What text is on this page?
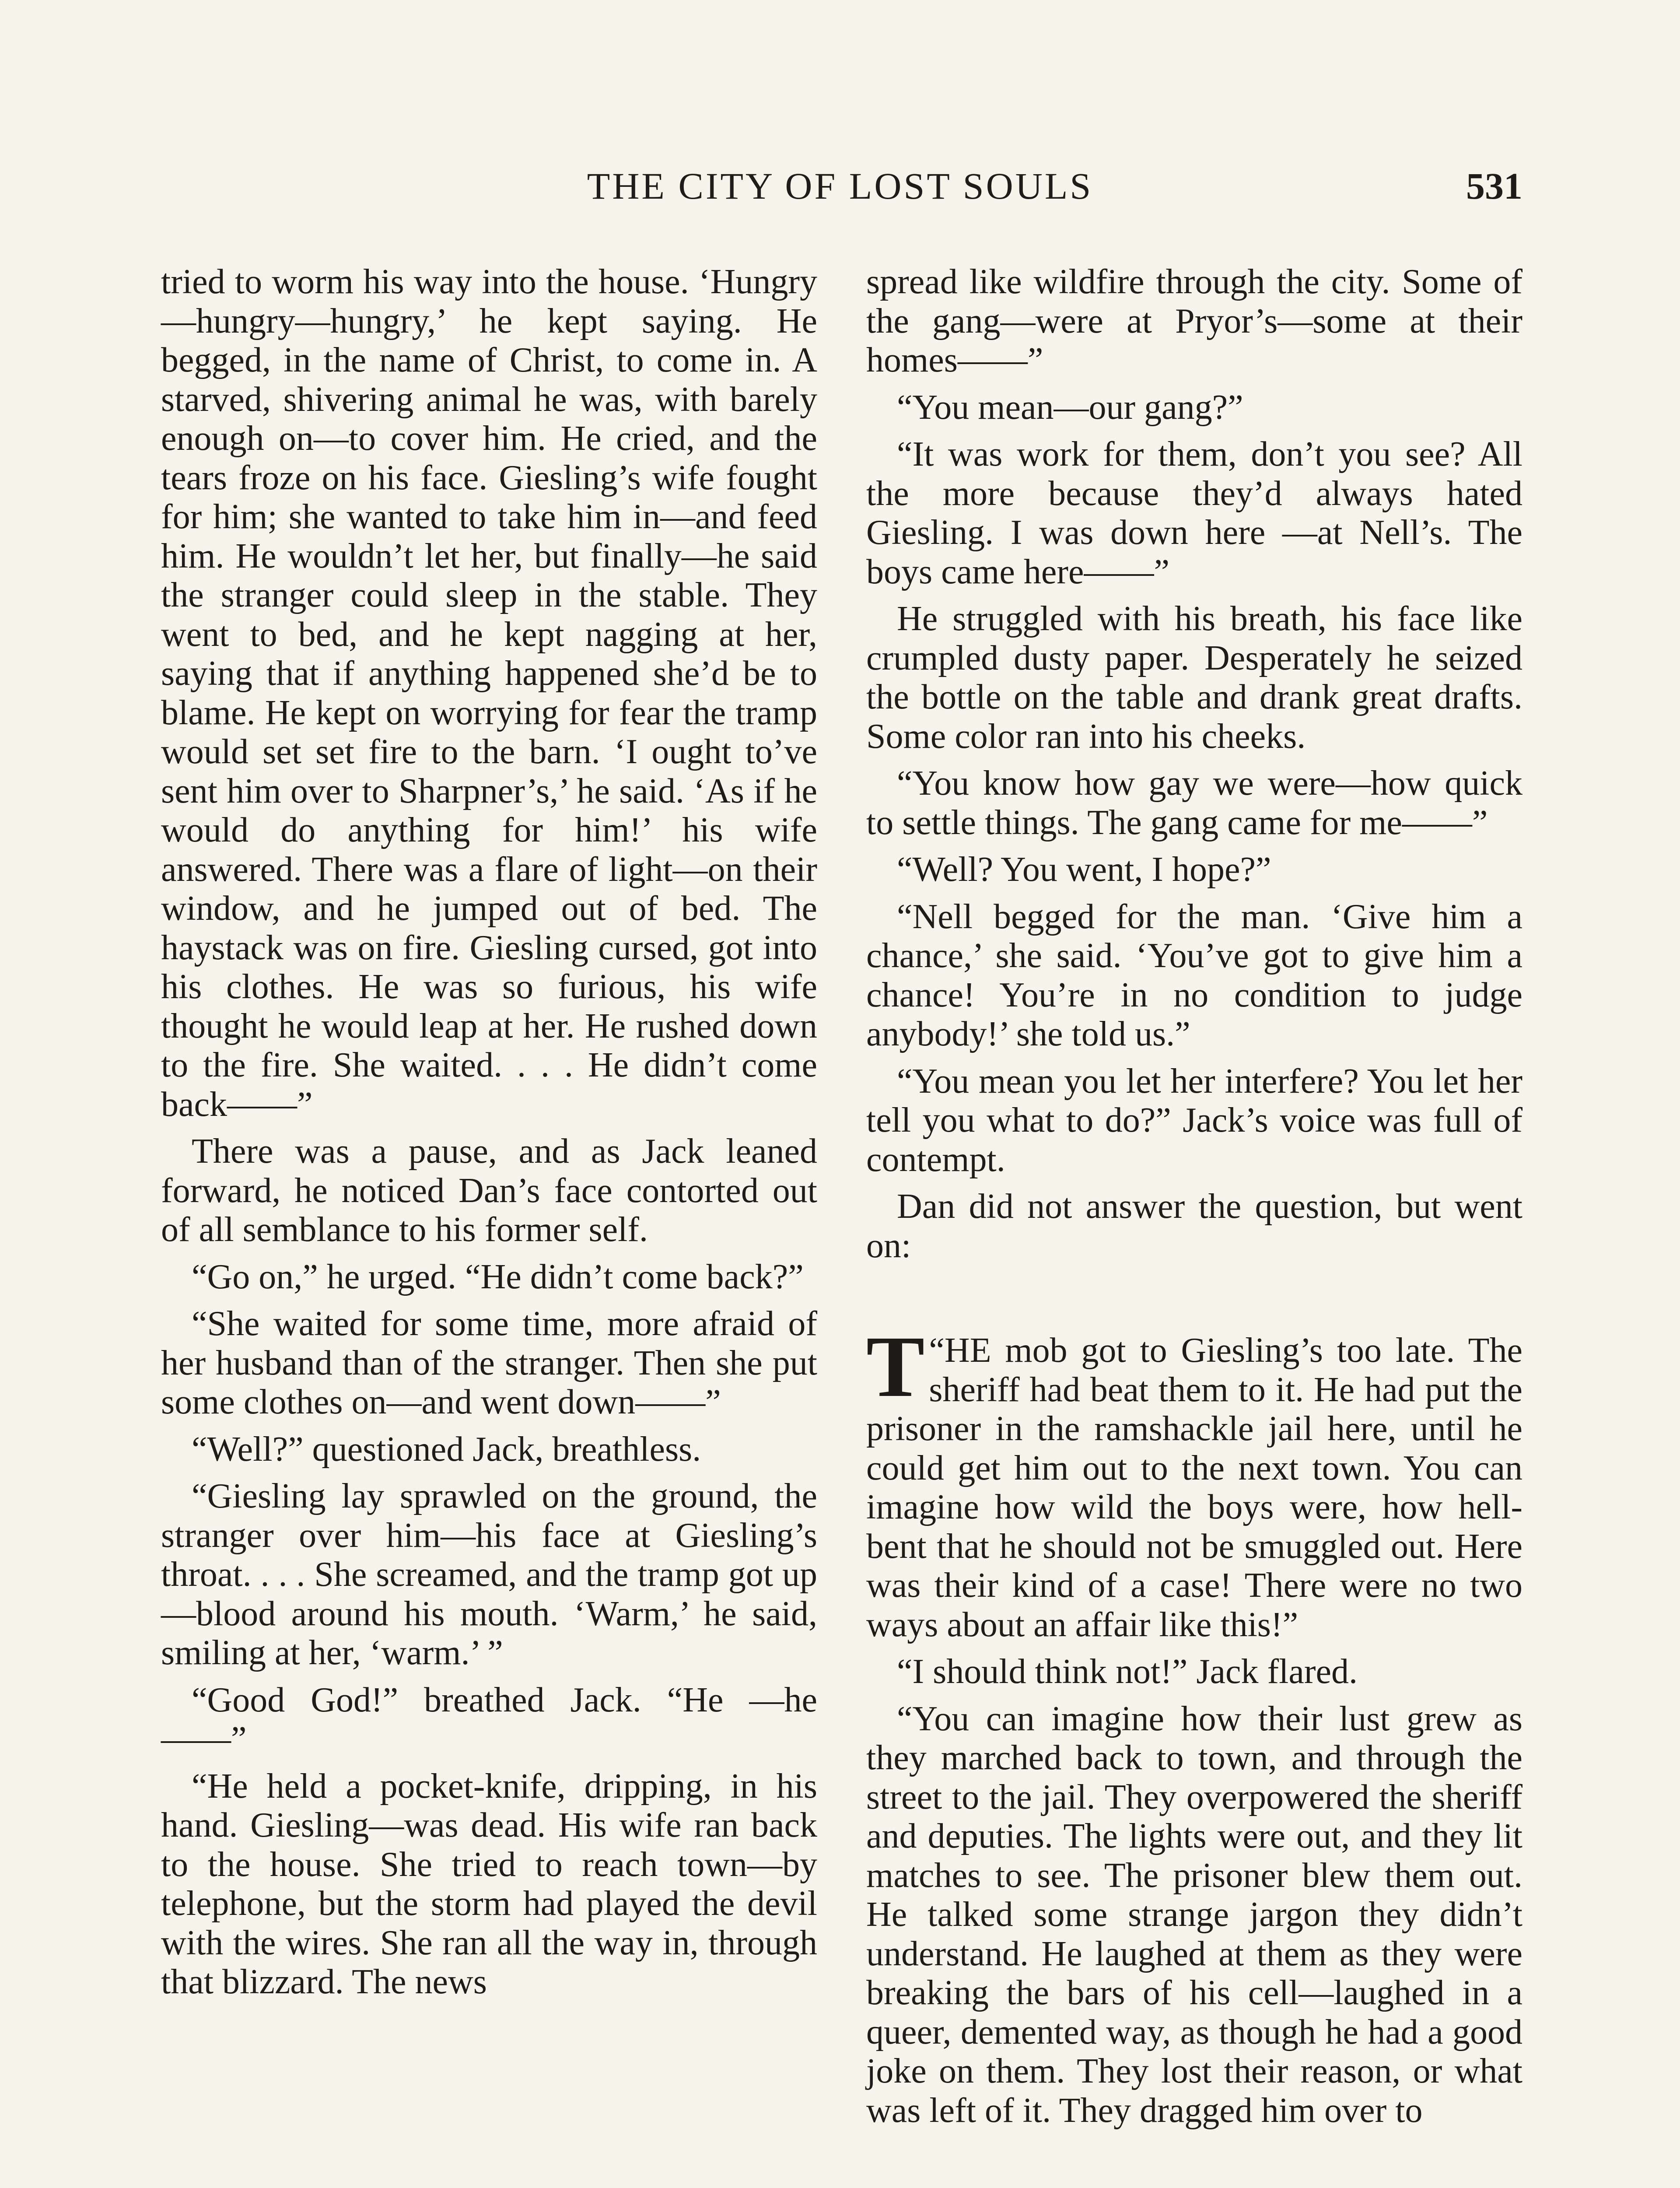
THE CITY OF LOST SOULS	531

tried to worm his way into the house. ‘Hungry—hungry—hungry,’ he kept saying. He begged, in the name of Christ, to come in. A starved, shivering animal he was, with barely enough on—to cover him. He cried, and the tears froze on his face. Giesling’s wife fought for him; she wanted to take him in—and feed him. He wouldn’t let her, but finally—he said the stranger could sleep in the stable. They went to bed, and he kept nagging at her, saying that if anything happened she’d be to blame. He kept on worrying for fear the tramp would set set fire to the barn. ‘I ought to’ve sent him over to Sharpner’s,’ he said. ‘As if he would do anything for him!’ his wife answered. There was a flare of light—on their window, and he jumped out of bed. The haystack was on fire. Giesling cursed, got into his clothes. He was so furious, his wife thought he would leap at her. He rushed down to the fire. She waited. . . . He didn’t come back——”

There was a pause, and as Jack leaned forward, he noticed Dan’s face contorted out of all semblance to his former self.

“Go on,” he urged. “He didn’t come back?”

“She waited for some time, more afraid of her husband than of the stranger. Then she put some clothes on—and went down——”

“Well?” questioned Jack, breathless.

“Giesling lay sprawled on the ground, the stranger over him—his face at Giesling’s throat. . . . She screamed, and the tramp got up—blood around his mouth. ‘Warm,’ he said, smiling at her, ‘warm.’ ”

“Good God!” breathed Jack. “He —he——”

“He held a pocket-knife, dripping, in his hand. Giesling—was dead. His wife ran back to the house. She tried to reach town—by telephone, but the storm had played the devil with the wires. She ran all the way in, through that blizzard. The news

spread like wildfire through the city. Some of the gang—were at Pryor’s—some at their homes——”

“You mean—our gang?”

“It was work for them, don’t you see? All the more because they’d always hated Giesling. I was down here —at Nell’s. The boys came here——”

He struggled with his breath, his face like crumpled dusty paper. Desperately he seized the bottle on the table and drank great drafts. Some color ran into his cheeks.

“You know how gay we were—how quick to settle things. The gang came for me——”

“Well? You went, I hope?”

“Nell begged for the man. ‘Give him a chance,’ she said. ‘You’ve got to give him a chance! You’re in no condition to judge anybody!’ she told us.”

“You mean you let her interfere? You let her tell you what to do?” Jack’s voice was full of contempt.

Dan did not answer the question, but went on:

“
T HE mob got to Giesling’s too late. The sheriff had beat them to it. He had put the prisoner in the ramshackle jail here, until he could get him out to the next town. You can imagine how wild the boys were, how hell-bent that he should not be smuggled out. Here was their kind of a case! There were no two ways about an affair like this!”

“I should think not!” Jack flared.

“You can imagine how their lust grew as they marched back to town, and through the street to the jail. They overpowered the sheriff and deputies. The lights were out, and they lit matches to see. The prisoner blew them out. He talked some strange jargon they didn’t understand. He laughed at them as they were breaking the bars of his cell—laughed in a queer, demented way, as though he had a good joke on them. They lost their reason, or what was left of it. They dragged him over to
